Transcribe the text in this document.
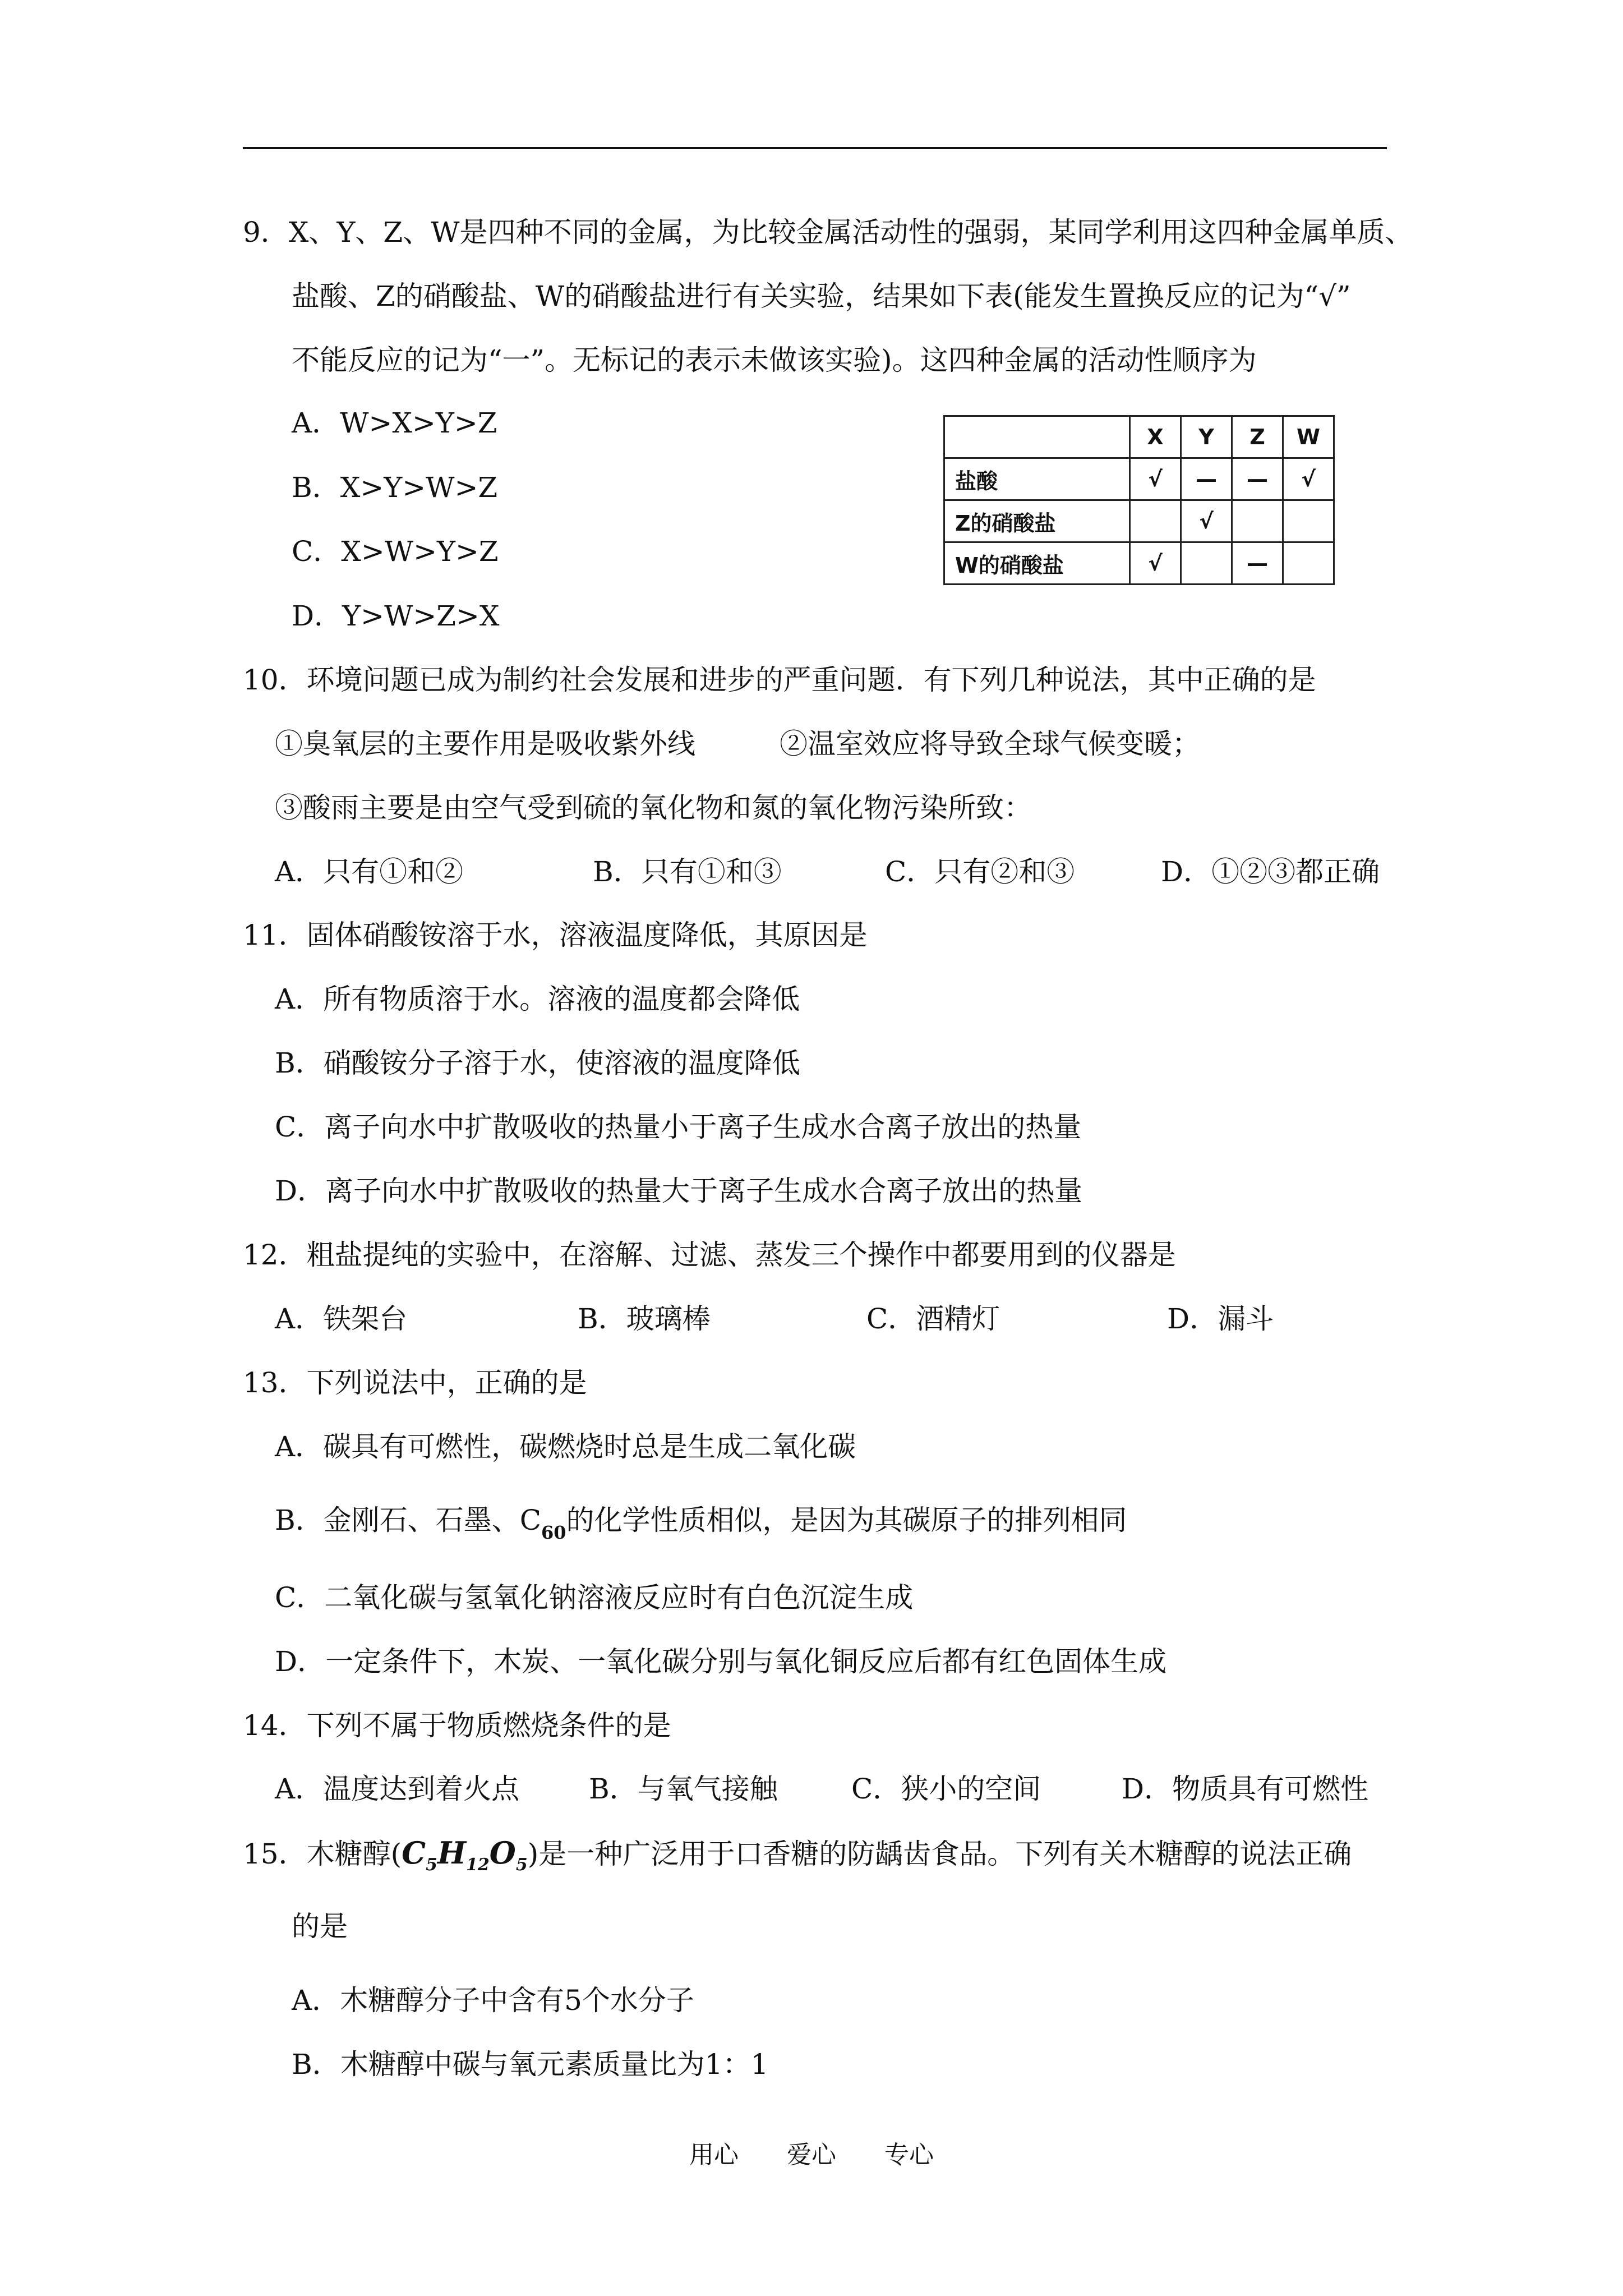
9．X、Y、Z、W是四种不同的金属，为比较金属活动性的强弱，某同学利用这四种金属单质、
盐酸、Z的硝酸盐、W的硝酸盐进行有关实验，结果如下表(能发生置换反应的记为“√”
不能反应的记为“一”。无标记的表示未做该实验)。这四种金属的活动性顺序为
A．W>X>Y>Z
B．X>Y>W>Z
C．X>W>Y>Z
D．Y>W>Z>X
	X	Y	Z	W
盐酸	√	—	—	√
Z的硝酸盐		√		
W的硝酸盐	√		—	
10．环境问题已成为制约社会发展和进步的严重问题．有下列几种说法，其中正确的是
①臭氧层的主要作用是吸收紫外线	②温室效应将导致全球气候变暖；
③酸雨主要是由空气受到硫的氧化物和氮的氧化物污染所致：
A．只有①和②	B．只有①和③	C．只有②和③	D．①②③都正确
11．固体硝酸铵溶于水，溶液温度降低，其原因是
A．所有物质溶于水。溶液的温度都会降低
B．硝酸铵分子溶于水，使溶液的温度降低
C．离子向水中扩散吸收的热量小于离子生成水合离子放出的热量
D．离子向水中扩散吸收的热量大于离子生成水合离子放出的热量
12．粗盐提纯的实验中，在溶解、过滤、蒸发三个操作中都要用到的仪器是
A．铁架台	B．玻璃棒	C．酒精灯	D．漏斗
13．下列说法中，正确的是
A．碳具有可燃性，碳燃烧时总是生成二氧化碳
B．金刚石、石墨、$C_{60}$的化学性质相似，是因为其碳原子的排列相同
C．二氧化碳与氢氧化钠溶液反应时有白色沉淀生成
D．一定条件下，木炭、一氧化碳分别与氧化铜反应后都有红色固体生成
14．下列不属于物质燃烧条件的是
A．温度达到着火点 B．与氧气接触	C．狭小的空间	D．物质具有可燃性
15．木糖醇$(C_5H_{12}O_5)$是一种广泛用于口香糖的防龋齿食品。下列有关木糖醇的说法正确
的是
A．木糖醇分子中含有5个水分子
B．木糖醇中碳与氧元素质量比为1：1
用心 爱心 专心
